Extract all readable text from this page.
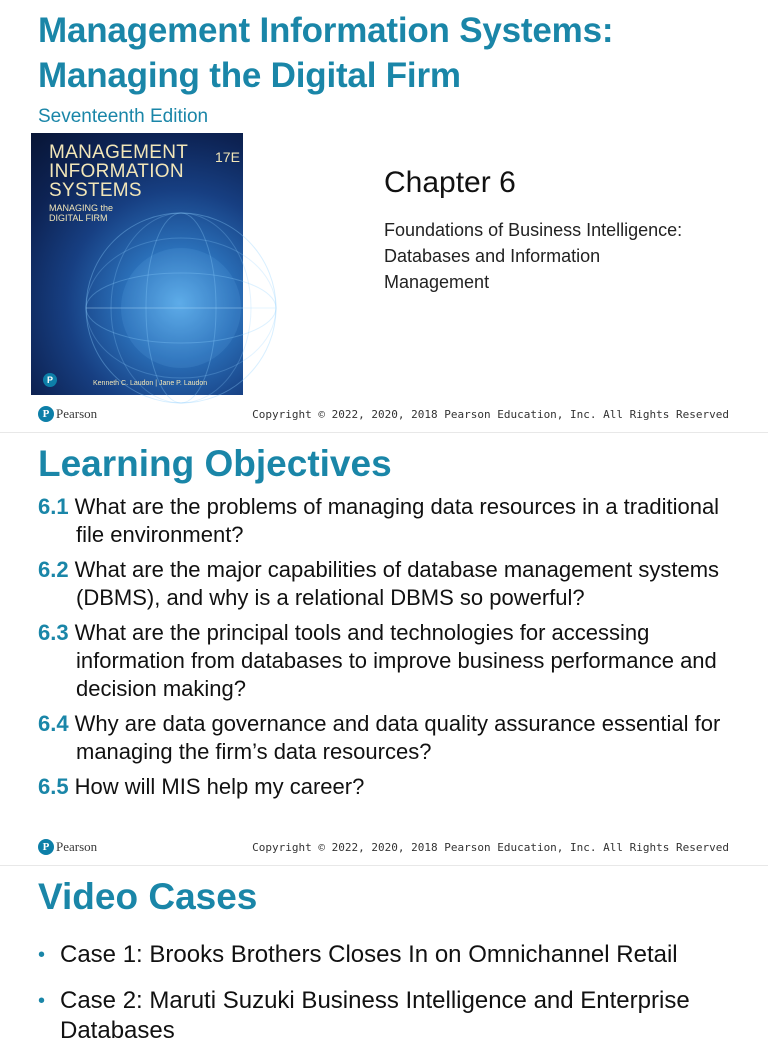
Management Information Systems:
Managing the Digital Firm
Seventeenth Edition
MANAGEMENT
INFORMATION
SYSTEMS
17E
MANAGING the
DIGITAL FIRM
P	Kenneth C. Laudon | Jane P. Laudon
Chapter 6
Foundations of Business Intelligence: Databases and Information Management
P Pearson	Copyright © 2022, 2020, 2018 Pearson Education, Inc. All Rights Reserved
Learning Objectives
6.1 What are the problems of managing data resources in a traditional file environment?
6.2 What are the major capabilities of database management systems (DBMS), and why is a relational DBMS so powerful?
6.3 What are the principal tools and technologies for accessing information from databases to improve business performance and decision making?
6.4 Why are data governance and data quality assurance essential for managing the firm’s data resources?
6.5 How will MIS help my career?
P Pearson	Copyright © 2022, 2020, 2018 Pearson Education, Inc. All Rights Reserved
Video Cases
• Case 1: Brooks Brothers Closes In on Omnichannel Retail
• Case 2: Maruti Suzuki Business Intelligence and Enterprise Databases
